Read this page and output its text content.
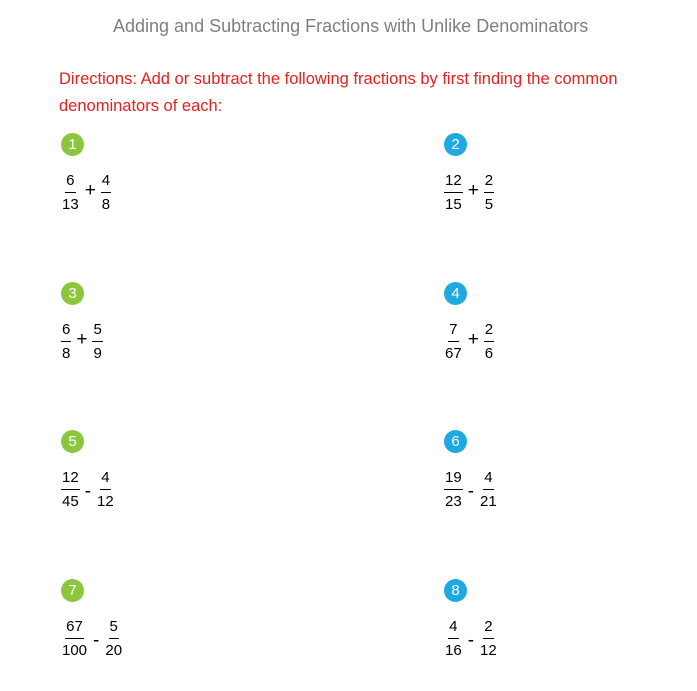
Adding and Subtracting Fractions with Unlike Denominators
Directions: Add or subtract the following fractions by first finding the common denominators of each:
1
$\frac{6}{13} + \frac{4}{8}$
2
$\frac{12}{15} + \frac{2}{5}$
3
$\frac{6}{8} + \frac{5}{9}$
4
$\frac{7}{67} + \frac{2}{6}$
5
$\frac{12}{45} - \frac{4}{12}$
6
$\frac{19}{23} - \frac{4}{21}$
7
$\frac{67}{100} - \frac{5}{20}$
8
$\frac{4}{16} - \frac{2}{12}$
